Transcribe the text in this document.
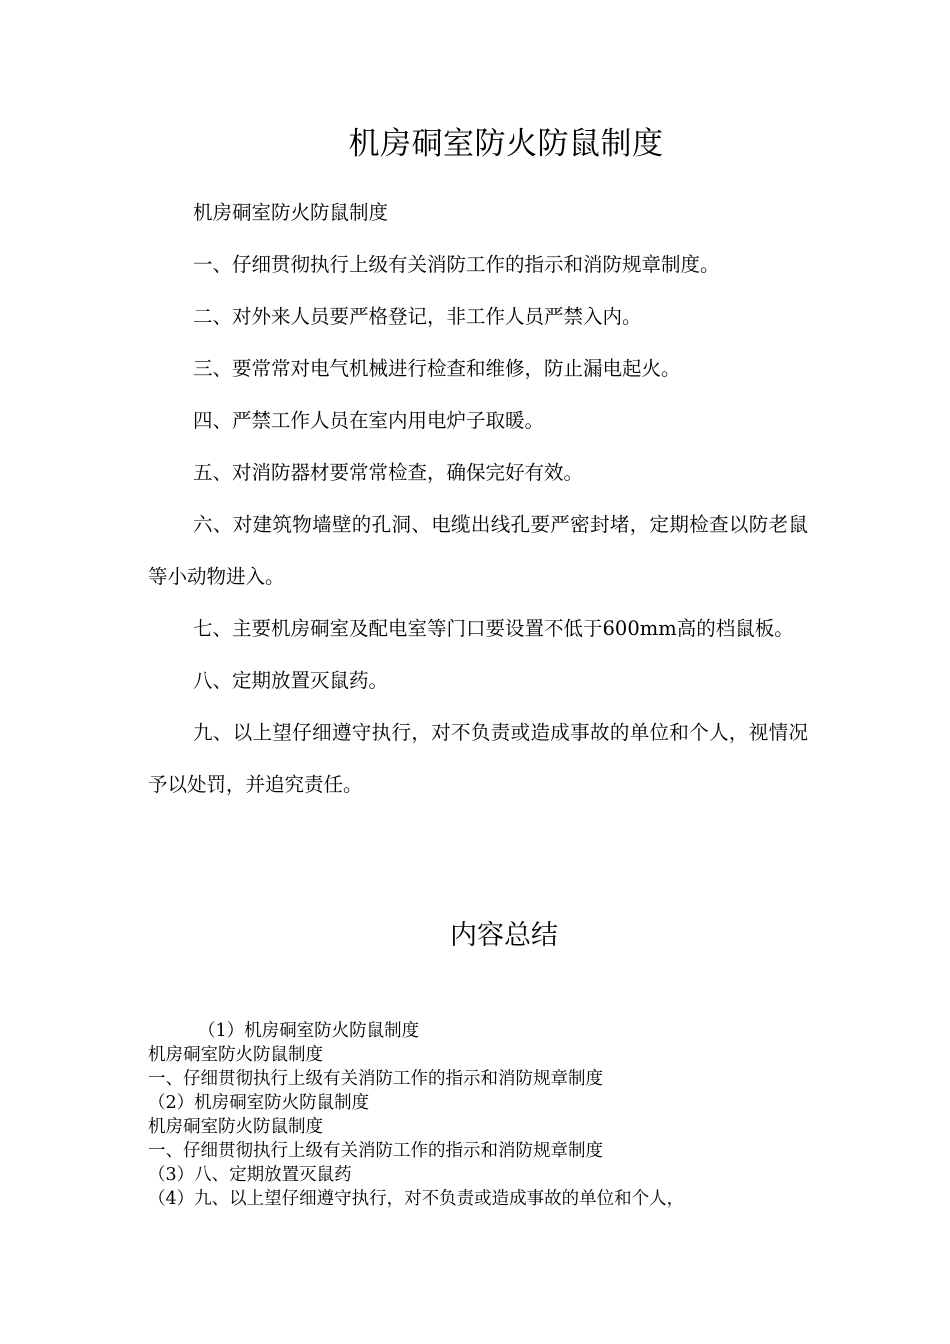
机房硐室防火防鼠制度

机房硐室防火防鼠制度

一、仔细贯彻执行上级有关消防工作的指示和消防规章制度。

二、对外来人员要严格登记，非工作人员严禁入内。

三、要常常对电气机械进行检查和维修，防止漏电起火。

四、严禁工作人员在室内用电炉子取暖。

五、对消防器材要常常检查，确保完好有效。

六、对建筑物墙壁的孔洞、电缆出线孔要严密封堵，定期检查以防老鼠等小动物进入。

七、主要机房硐室及配电室等门口要设置不低于600mm高的档鼠板。

八、定期放置灭鼠药。

九、以上望仔细遵守执行，对不负责或造成事故的单位和个人，视情况予以处罚，并追究责任。

内容总结

（1）机房硐室防火防鼠制度

机房硐室防火防鼠制度

一、仔细贯彻执行上级有关消防工作的指示和消防规章制度

（2）机房硐室防火防鼠制度

机房硐室防火防鼠制度

一、仔细贯彻执行上级有关消防工作的指示和消防规章制度

（3）八、定期放置灭鼠药

（4）九、以上望仔细遵守执行，对不负责或造成事故的单位和个人，
